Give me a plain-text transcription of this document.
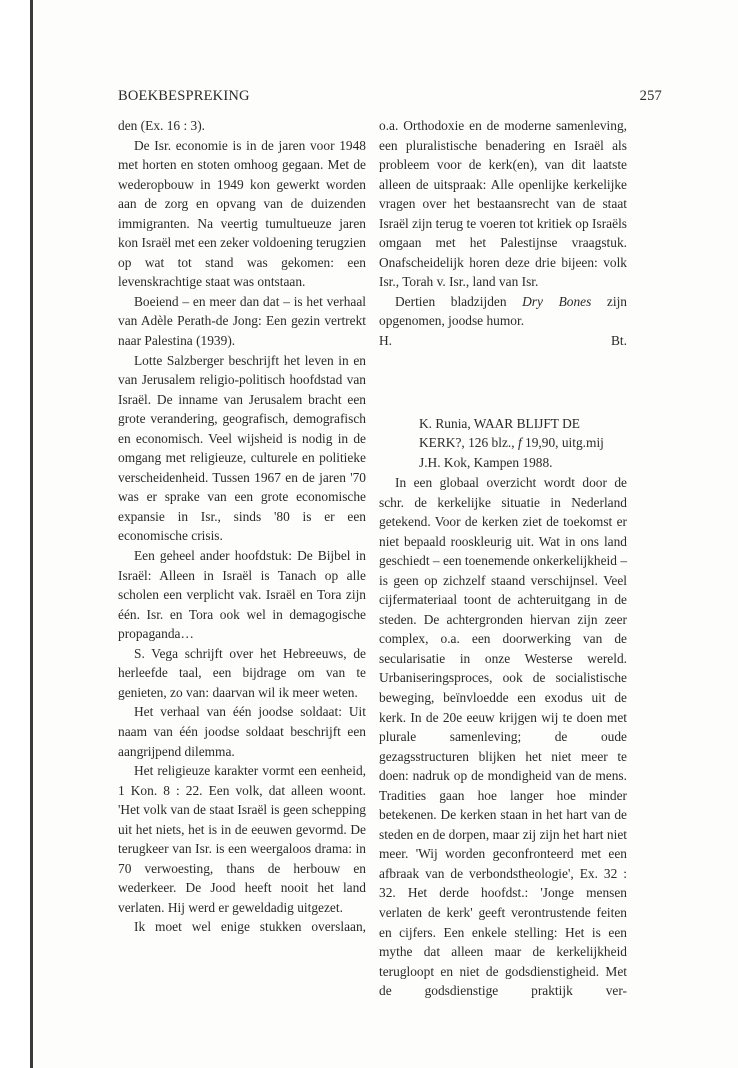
BOEKBESPREKING	257

den (Ex. 16 : 3).

De Isr. economie is in de jaren voor 1948 met horten en stoten omhoog gegaan. Met de wederopbouw in 1949 kon gewerkt worden aan de zorg en opvang van de duizenden immigranten. Na veertig tumultueuze jaren kon Israël met een zeker voldoening terugzien op wat tot stand was gekomen: een levenskrachtige staat was ontstaan.

Boeiend – en meer dan dat – is het verhaal van Adèle Perath-de Jong: Een gezin vertrekt naar Palestina (1939).

Lotte Salzberger beschrijft het leven in en van Jerusalem religio-politisch hoofdstad van Israël. De inname van Jerusalem bracht een grote verandering, geografisch, demografisch en economisch. Veel wijsheid is nodig in de omgang met religieuze, culturele en politieke verscheidenheid. Tussen 1967 en de jaren '70 was er sprake van een grote economische expansie in Isr., sinds '80 is er een economische crisis.

Een geheel ander hoofdstuk: De Bijbel in Israël: Alleen in Israël is Tanach op alle scholen een verplicht vak. Israël en Tora zijn één. Isr. en Tora ook wel in demagogische propaganda…

S. Vega schrijft over het Hebreeuws, de herleefde taal, een bijdrage om van te genieten, zo van: daarvan wil ik meer weten.

Het verhaal van één joodse soldaat: Uit naam van één joodse soldaat beschrijft een aangrijpend dilemma.

Het religieuze karakter vormt een eenheid, 1 Kon. 8 : 22. Een volk, dat alleen woont. 'Het volk van de staat Israël is geen schepping uit het niets, het is in de eeuwen gevormd. De terugkeer van Isr. is een weergaloos drama: in 70 verwoesting, thans de herbouw en wederkeer. De Jood heeft nooit het land verlaten. Hij werd er geweldadig uitgezet.

Ik moet wel enige stukken overslaan,

o.a. Orthodoxie en de moderne samenleving, een pluralistische benadering en Israël als probleem voor de kerk(en), van dit laatste alleen de uitspraak: Alle openlijke kerkelijke vragen over het bestaansrecht van de staat Israël zijn terug te voeren tot kritiek op Israëls omgaan met het Palestijnse vraagstuk. Onafscheidelijk horen deze drie bijeen: volk Isr., Torah v. Isr., land van Isr.

Dertien bladzijden Dry Bones zijn opgenomen, joodse humor.

H.	Bt.
K. Runia, WAAR BLIJFT DE
KERK?, 126 blz., f 19,90, uitg.mij
J.H. Kok, Kampen 1988.

In een globaal overzicht wordt door de schr. de kerkelijke situatie in Nederland getekend. Voor de kerken ziet de toekomst er niet bepaald rooskleurig uit. Wat in ons land geschiedt – een toenemende onkerkelijkheid – is geen op zichzelf staand verschijnsel. Veel cijfermateriaal toont de achteruitgang in de steden. De achtergronden hiervan zijn zeer complex, o.a. een doorwerking van de secularisatie in onze Westerse wereld. Urbaniseringsproces, ook de socialistische beweging, beïnvloedde een exodus uit de kerk. In de 20e eeuw krijgen wij te doen met plurale samenleving; de oude gezagsstructuren blijken het niet meer te doen: nadruk op de mondigheid van de mens. Tradities gaan hoe langer hoe minder betekenen. De kerken staan in het hart van de steden en de dorpen, maar zij zijn het hart niet meer. 'Wij worden geconfronteerd met een afbraak van de verbondstheologie', Ex. 32 : 32. Het derde hoofdst.: 'Jonge mensen verlaten de kerk' geeft verontrustende feiten en cijfers. Een enkele stelling: Het is een mythe dat alleen maar de kerkelijkheid terugloopt en niet de godsdienstigheid. Met de godsdienstige praktijk ver-
